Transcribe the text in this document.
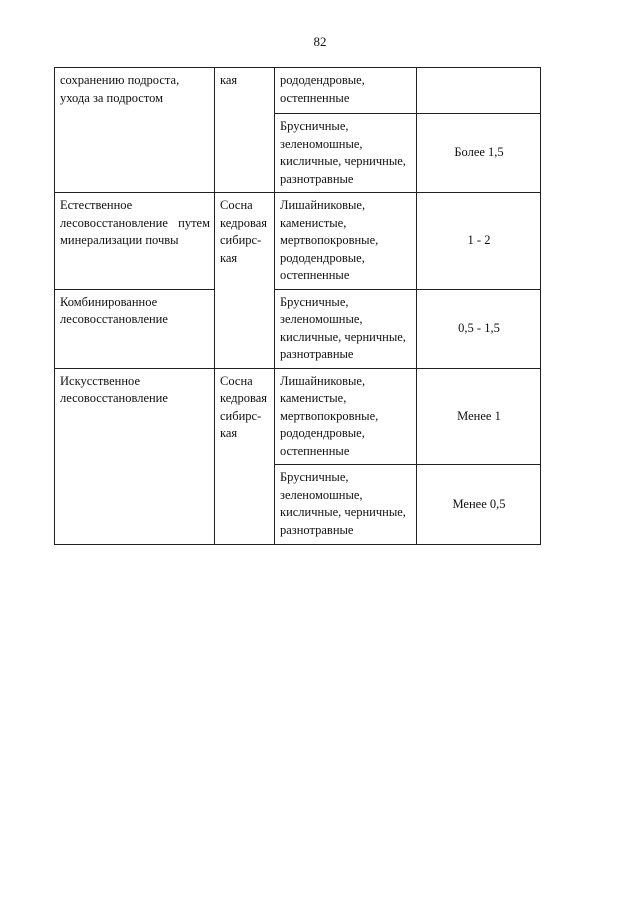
82
сохранению подроста,
ухода за подростом	кая	рододендровые,
остепненные	
		Брусничные,
зеленомошные,
кисличные, черничные,
разнотравные	Более 1,5
Естественное
лесовосстановление путем минерализации почвы	Сосна
кедровая
сибирс-
кая	Лишайниковые,
каменистые,
мертвопокровные,
рододендровые,
остепненные	1 - 2
Комбинированное
лесовосстановление		Брусничные,
зеленомошные,
кисличные, черничные,
разнотравные	0,5 - 1,5
Искусственное
лесовосстановление	Сосна
кедровая
сибирс-
кая	Лишайниковые,
каменистые,
мертвопокровные,
рододендровые,
остепненные	Менее 1
		Брусничные,
зеленомошные,
кисличные, черничные,
разнотравные	Менее 0,5
